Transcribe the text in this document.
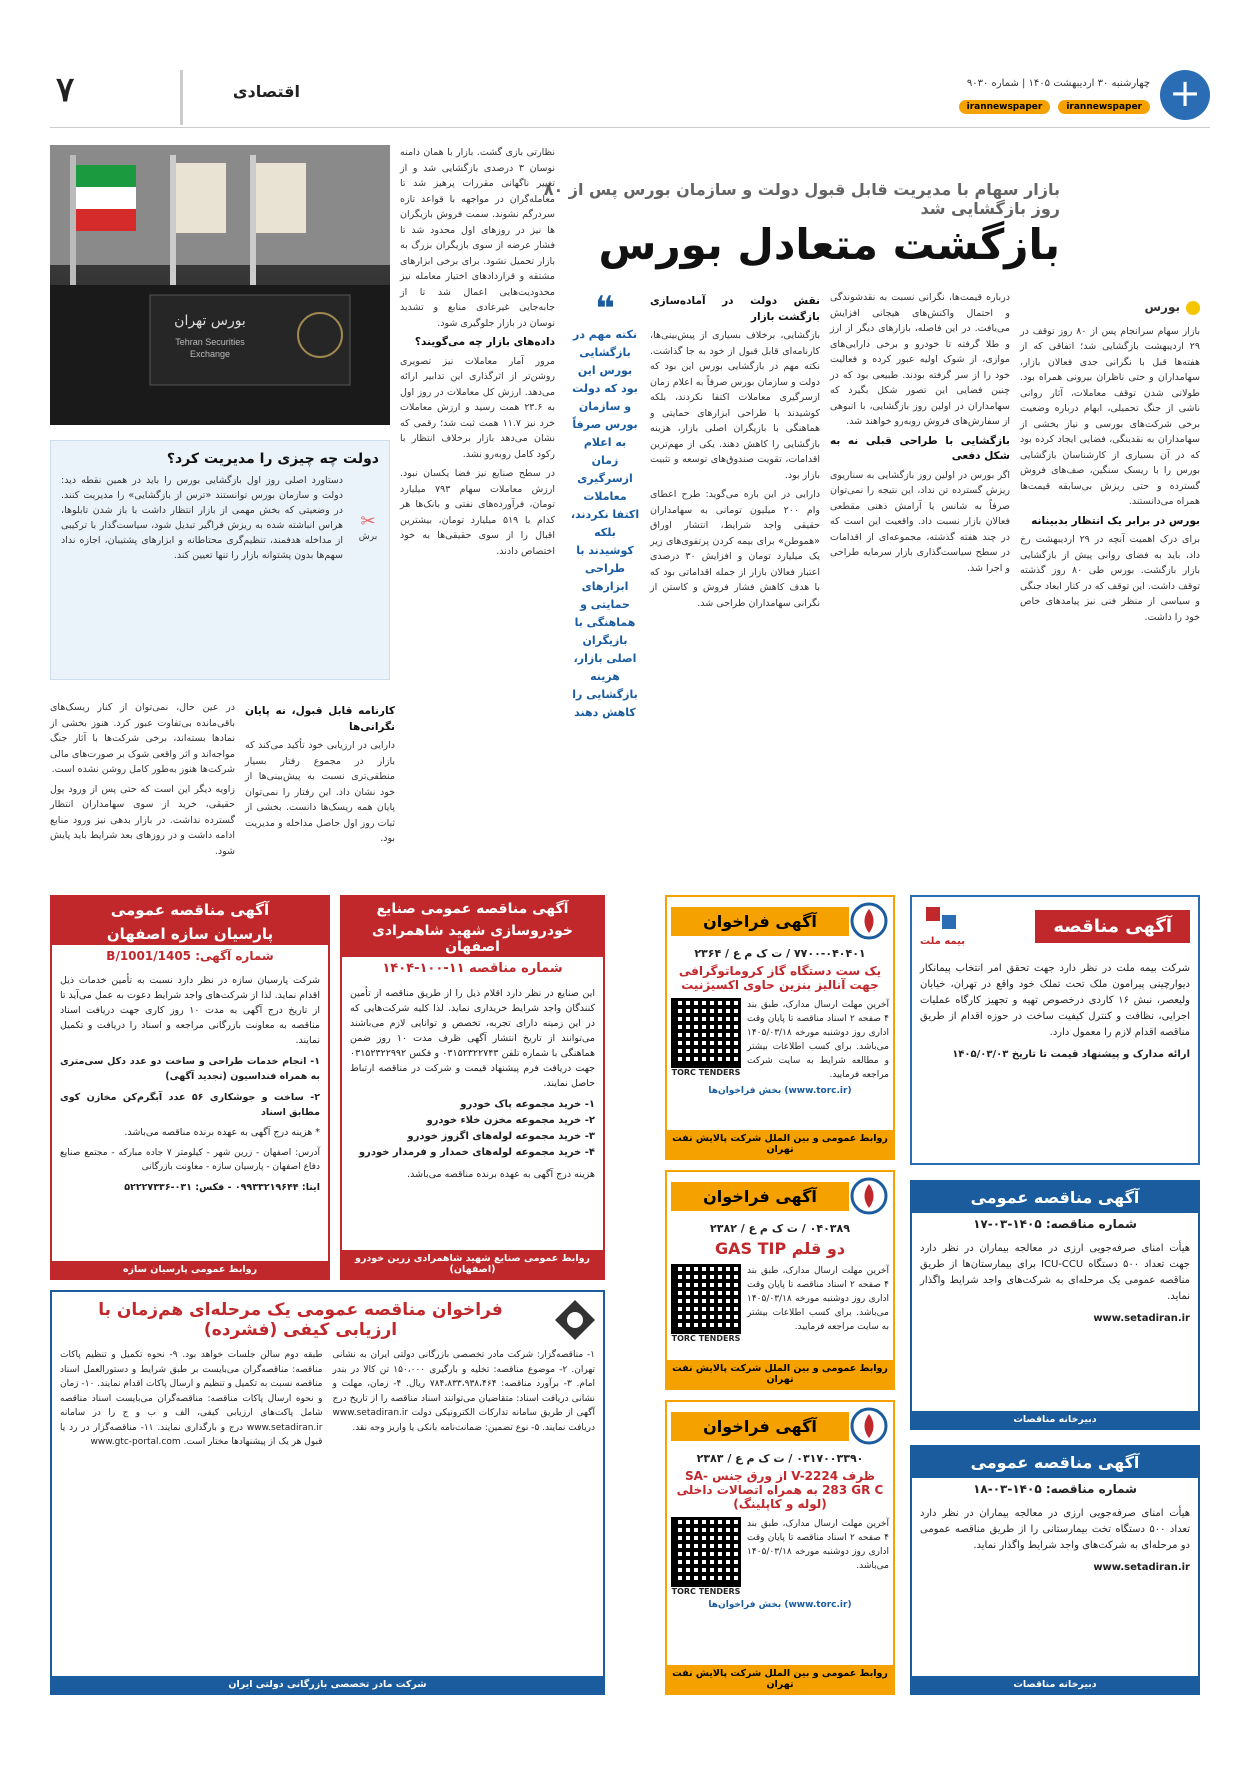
۷	اقتصادی	چهارشنبه ۳۰ اردیبهشت ۱۴۰۵ | شماره ۹۰۳۰
irannewspaper
irannewspaper	+
بازار سهام با مدیریت قابل قبول دولت و سازمان بورس پس از ۸۰ روز بازگشایی شد
بازگشت متعادل بورس
بورس تهران
Tehran Securities
Exchange
بورس

بازار سهام سرانجام پس از ۸۰ روز توقف در ۲۹ اردیبهشت بازگشایی شد؛ اتفاقی که از هفته‌ها قبل با نگرانی جدی فعالان بازار، سهامداران و حتی ناظران بیرونی همراه بود. طولانی شدن توقف معاملات، آثار روانی ناشی از جنگ تحمیلی، ابهام درباره وضعیت برخی شرکت‌های بورسی و نیاز بخشی از سهامداران به نقدینگی، فضایی ایجاد کرده بود که در آن بسیاری از کارشناسان بازگشایی بورس را با ریسک سنگین، صف‌های فروش گسترده و حتی ریزش بی‌سابقه قیمت‌ها همراه می‌دانستند.

بورس در برابر یک انتظار بدبینانه

برای درک اهمیت آنچه در ۲۹ اردیبهشت رخ داد، باید به فضای روانی پیش از بازگشایی بازار بازگشت. بورس طی ۸۰ روز گذشته توقف داشت. این توقف که در کنار ابعاد جنگی و سیاسی از منظر فنی نیز پیامدهای خاص خود را داشت.

درباره قیمت‌ها، نگرانی نسبت به نقدشوندگی و احتمال واکنش‌های هیجانی افزایش می‌یافت. در این فاصله، بازارهای دیگر از ارز و طلا گرفته تا خودرو و برخی دارایی‌های موازی، از شوک اولیه عبور کرده و فعالیت خود را از سر گرفته بودند. طبیعی بود که در چنین فضایی این تصور شکل بگیرد که سهامداران در اولین روز بازگشایی، با انبوهی از سفارش‌های فروش روبه‌رو خواهند شد.

بازگشایی با طراحی قبلی نه به شکل دفعی

اگر بورس در اولین روز بازگشایی به سناریوی ریزش گسترده تن نداد، این نتیجه را نمی‌توان صرفاً به شانس یا آرامش ذهنی مقطعی فعالان بازار نسبت داد. واقعیت این است که در چند هفته گذشته، مجموعه‌ای از اقدامات در سطح سیاست‌گذاری بازار سرمایه طراحی و اجرا شد.

نقش دولت در آماده‌سازی بازگشت بازار

بازگشایی، برخلاف بسیاری از پیش‌بینی‌ها، کارنامه‌ای قابل قبول از خود به جا گذاشت. نکته مهم در بازگشایی بورس این بود که دولت و سازمان بورس صرفاً به اعلام زمان ازسرگیری معاملات اکتفا نکردند، بلکه کوشیدند با طراحی ابزارهای حمایتی و هماهنگی با بازیگران اصلی بازار، هزینه بازگشایی را کاهش دهند. یکی از مهم‌ترین اقدامات، تقویت صندوق‌های توسعه و تثبیت بازار بود.

دارایی در این باره می‌گوید: طرح اعطای وام ۲۰۰ میلیون تومانی به سهامداران حقیقی واجد شرایط، انتشار اوراق «هموطن» برای بیمه کردن پرتفوی‌های زیر یک میلیارد تومان و افزایش ۳۰ درصدی اعتبار فعالان بازار از جمله اقداماتی بود که با هدف کاهش فشار فروش و کاستن از نگرانی سهامداران طراحی شد.

❝
نکته مهم در بازگشایی بورس این بود که دولت و سازمان بورس صرفاً به اعلام زمان ازسرگیری معاملات اکتفا نکردند، بلکه کوشیدند با طراحی ابزارهای حمایتی و هماهنگی با بازیگران اصلی بازار، هزینه بازگشایی را کاهش دهند

نظارتی بازی گشت. بازار با همان دامنه نوسان ۳ درصدی بازگشایی شد و از تغییر ناگهانی مقررات پرهیز شد تا معامله‌گران در مواجهه با قواعد تازه سردرگم نشوند. سمت فروش بازیگران ها نیز در روزهای اول محدود شد تا فشار عرضه از سوی بازیگران بزرگ به بازار تحمیل نشود. برای برخی ابزارهای مشتقه و قراردادهای اختیار معامله نیز محدودیت‌هایی اعمال شد تا از جابه‌جایی غیرعادی منابع و تشدید نوسان در بازار جلوگیری شود.

داده‌های بازار چه می‌گویند؟

مرور آمار معاملات نیز تصویری روشن‌تر از اثرگذاری این تدابیر ارائه می‌دهد. ارزش کل معاملات در روز اول به ۲۳.۶ همت رسید و ارزش معاملات خرد نیز ۱۱.۷ همت ثبت شد؛ رقمی که نشان می‌دهد بازار برخلاف انتظار با رکود کامل روبه‌رو نشد.

در سطح صنایع نیز فضا یکسان نبود. ارزش معاملات سهام ۷۹۳ میلیارد تومان، فرآورده‌های نفتی و بانک‌ها هر کدام با ۵۱۹ میلیارد تومان، بیشترین اقبال را از سوی حقیقی‌ها به خود اختصاص دادند.

دولت چه چیزی را مدیریت کرد؟
✂
برش
دستاورد اصلی روز اول بازگشایی بورس را باید در همین نقطه دید: دولت و سازمان بورس توانستند «ترس از بازگشایی» را مدیریت کنند. در وضعیتی که بخش مهمی از بازار انتظار داشت با باز شدن تابلوها، هراس انباشته شده به ریزش فراگیر تبدیل شود، سیاست‌گذار با ترکیبی از مداخله هدفمند، تنظیم‌گری محتاطانه و ابزارهای پشتیبان، اجازه نداد سهم‌ها بدون پشتوانه بازار را تنها تعیین کند.
کارنامه قابل قبول، نه پایان نگرانی‌ها

دارایی در ارزیابی خود تأکید می‌کند که بازار در مجموع رفتار بسیار منطقی‌تری نسبت به پیش‌بینی‌ها از خود نشان داد. این رفتار را نمی‌توان پایان همه ریسک‌ها دانست. بخشی از ثبات روز اول حاصل مداخله و مدیریت بود.

در عین حال، نمی‌توان از کنار ریسک‌های باقی‌مانده بی‌تفاوت عبور کرد. هنوز بخشی از نماد‌ها بسته‌اند، برخی شرکت‌ها با آثار جنگ مواجه‌اند و اثر واقعی شوک بر صورت‌های مالی شرکت‌ها هنوز به‌طور کامل روشن نشده است.

زاویه دیگر این است که حتی پس از ورود پول حقیقی، خرید از سوی سهامداران انتظار گسترده نداشت. در بازار بدهی نیز ورود منابع ادامه داشت و در روزهای بعد شرایط باید پایش شود.

آگهی مناقصه
بیمه ملت
شرکت بیمه ملت در نظر دارد جهت تحقق امر انتخاب پیمانکار دیوارچینی پیرامون ملک تحت تملک خود واقع در تهران، خیابان ولیعصر، نبش ۱۶ کاردی درخصوص تهیه و تجهیز کارگاه عملیات اجرایی، نظافت و کنترل کیفیت ساخت در حوزه اقدام از طریق مناقصه اقدام لازم را معمول دارد.
ارائه مدارک و پیشنهاد قیمت تا تاریخ ۱۴۰۵/۰۳/۰۳
آگهی مناقصه عمومی
شماره مناقصه: ۱۴۰۵-۰۳-۱۷
هیأت امنای صرفه‌جویی ارزی در معالجه بیماران در نظر دارد جهت تعداد ۵۰۰ دستگاه ICU-CCU برای بیمارستان‌ها از طریق مناقصه عمومی یک مرحله‌ای به شرکت‌های واجد شرایط واگذار نماید.
www.setadiran.ir
دبیرخانه مناقصات
آگهی مناقصه عمومی
شماره مناقصه: ۱۴۰۵-۰۳-۱۸
هیأت امنای صرفه‌جویی ارزی در معالجه بیماران در نظر دارد تعداد ۵۰۰ دستگاه تخت بیمارستانی را از طریق مناقصه عمومی دو مرحله‌ای به شرکت‌های واجد شرایط واگذار نماید.
www.setadiran.ir
دبیرخانه مناقصات
آگهی فراخوان
۷۷۰۰-۰۴۰۴۰۱ / ت ک م ع / ۲۳۶۴
یک ست دستگاه گاز کروماتوگرافی جهت آنالیز بنزین حاوی اکسیژنیت
آخرین مهلت ارسال مدارک، طبق بند ۴ صفحه ۲ اسناد مناقصه تا پایان وقت اداری روز دوشنبه مورخه ۱۴۰۵/۰۳/۱۸ می‌باشد. برای کسب اطلاعات بیشتر و مطالعه شرایط به سایت شرکت مراجعه فرمایید.
TORC TENDERS
(www.torc.ir) بخش فراخوان‌ها
روابط عمومی و بین الملل شرکت پالایش نفت تهران
آگهی فراخوان
۰۴۰۳۸۹ / ت ک م ع / ۲۳۸۲
دو قلم GAS TIP
آخرین مهلت ارسال مدارک، طبق بند ۴ صفحه ۲ اسناد مناقصه تا پایان وقت اداری روز دوشنبه مورخه ۱۴۰۵/۰۳/۱۸ می‌باشد. برای کسب اطلاعات بیشتر به سایت مراجعه فرمایید.
TORC TENDERS
روابط عمومی و بین الملل شرکت پالایش نفت تهران
آگهی فراخوان
۰۳۱۷۰۰۳۳۹۰ / ت ک م ع / ۲۳۸۳
ظرف V-2224 از ورق جنس SA-283 GR C به همراه اتصالات داخلی (لوله و کاپلینگ)
آخرین مهلت ارسال مدارک، طبق بند ۴ صفحه ۲ اسناد مناقصه تا پایان وقت اداری روز دوشنبه مورخه ۱۴۰۵/۰۳/۱۸ می‌باشد.
TORC TENDERS
(www.torc.ir) بخش فراخوان‌ها
روابط عمومی و بین الملل شرکت پالایش نفت تهران
آگهی مناقصه عمومی صنایع
خودروسازی شهید شاهمرادی اصفهان
شماره مناقصه ۱۱-۱۰۰-۱۴۰۴
این صنایع در نظر دارد اقلام ذیل را از طریق مناقصه از تأمین کنندگان واجد شرایط خریداری نماید. لذا کلیه شرکت‌هایی که در این زمینه دارای تجربه، تخصص و توانایی لازم می‌باشند می‌توانند از تاریخ انتشار آگهی ظرف مدت ۱۰ روز ضمن هماهنگی با شماره تلفن ۰۳۱۵۲۳۲۲۷۴۳ و فکس ۰۳۱۵۲۳۲۲۹۹۲ جهت دریافت فرم پیشنهاد قیمت و شرکت در مناقصه ارتباط حاصل نمایند.
۱- خرید مجموعه پاک خودرو
۲- خرید مجموعه مخزن خلاء خودرو
۳- خرید مجموعه لوله‌های اگزوز خودرو
۴- خرید مجموعه لوله‌های خمدار و فرمدار خودرو
هزینه درج آگهی به عهده برنده مناقصه می‌باشد.
روابط عمومی صنایع شهید شاهمرادی زرین خودرو (اصفهان)
آگهی مناقصه عمومی
پارسیان سازه اصفهان
شماره آگهی: 1405/B/1001
شرکت پارسیان سازه در نظر دارد نسبت به تأمین خدمات ذیل اقدام نماید. لذا از شرکت‌های واجد شرایط دعوت به عمل می‌آید تا از تاریخ درج آگهی به مدت ۱۰ روز کاری جهت دریافت اسناد مناقصه به معاونت بازرگانی مراجعه و اسناد را دریافت و تکمیل نمایند.
۱- انجام خدمات طراحی و ساخت دو عدد دکل سی‌متری به همراه فنداسیون (تجدید آگهی)
۲- ساخت و جوشکاری ۵۶ عدد آبگرم‌کن مخازن کوی مطابق اسناد
* هزینه درج آگهی به عهده برنده مناقصه می‌باشد.
آدرس: اصفهان - زرین شهر - کیلومتر ۷ جاده مبارکه - مجتمع صنایع دفاع اصفهان - پارسیان سازه - معاونت بازرگانی
ایتا: ۰۹۹۳۳۲۱۹۶۴۴ - فکس: ۰۳۱-۵۲۲۲۷۳۳۶
روابط عمومی پارسیان سازه
فراخوان مناقصه عمومی یک مرحله‌ای هم‌زمان با
ارزیابی کیفی (فشرده)
۱- مناقصه‌گزار: شرکت مادر تخصصی بازرگانی دولتی ایران به نشانی تهران. ۲- موضوع مناقصه: تخلیه و بارگیری ۱۵۰،۰۰۰ تن کالا در بندر امام. ۳- برآورد مناقصه: ۷۸۴،۸۳۳،۹۳۸،۴۶۴ ریال. ۴- زمان، مهلت و نشانی دریافت اسناد: متقاضیان می‌توانند اسناد مناقصه را از تاریخ درج آگهی از طریق سامانه تدارکات الکترونیکی دولت www.setadiran.ir دریافت نمایند. ۵- نوع تضمین: ضمانت‌نامه بانکی یا واریز وجه نقد.
طبقه دوم سالن جلسات خواهد بود. ۹- نحوه تکمیل و تنظیم پاکات مناقصه: مناقصه‌گران می‌بایست بر طبق شرایط و دستورالعمل اسناد مناقصه نسبت به تکمیل و تنظیم و ارسال پاکات اقدام نمایند. ۱۰- زمان و نحوه ارسال پاکات مناقصه: مناقصه‌گران می‌بایست اسناد مناقصه شامل پاکت‌های ارزیابی کیفی، الف و ب و ج را در سامانه www.setadiran.ir درج و بارگذاری نمایند. ۱۱- مناقصه‌گزار در رد یا قبول هر یک از پیشنهادها مختار است. www.gtc-portal.com
شرکت مادر تخصصی بازرگانی دولتی ایران
